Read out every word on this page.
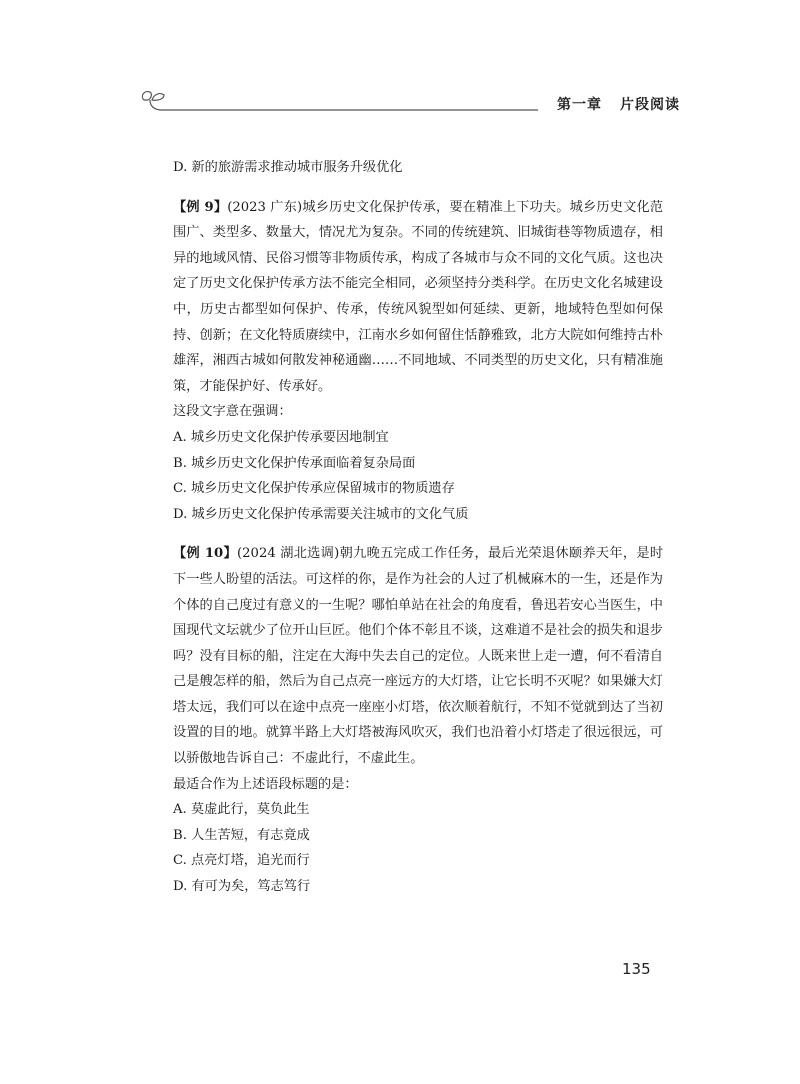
第一章 片段阅读

D. 新的旅游需求推动城市服务升级优化

【例 9】(2023 广东)城乡历史文化保护传承，要在精准上下功夫。城乡历史文化范围广、类型多、数量大，情况尤为复杂。不同的传统建筑、旧城街巷等物质遗存，相异的地域风情、民俗习惯等非物质传承，构成了各城市与众不同的文化气质。这也决定了历史文化保护传承方法不能完全相同，必须坚持分类科学。在历史文化名城建设中，历史古都型如何保护、传承，传统风貌型如何延续、更新，地域特色型如何保持、创新；在文化特质赓续中，江南水乡如何留住恬静雅致，北方大院如何维持古朴雄浑，湘西古城如何散发神秘通幽……不同地域、不同类型的历史文化，只有精准施策，才能保护好、传承好。

这段文字意在强调：

A. 城乡历史文化保护传承要因地制宜

B. 城乡历史文化保护传承面临着复杂局面

C. 城乡历史文化保护传承应保留城市的物质遗存

D. 城乡历史文化保护传承需要关注城市的文化气质

【例 10】(2024 湖北选调)朝九晚五完成工作任务，最后光荣退休颐养天年，是时下一些人盼望的活法。可这样的你，是作为社会的人过了机械麻木的一生，还是作为个体的自己度过有意义的一生呢？哪怕单站在社会的角度看，鲁迅若安心当医生，中国现代文坛就少了位开山巨匠。他们个体不彰且不谈，这难道不是社会的损失和退步吗？没有目标的船，注定在大海中失去自己的定位。人既来世上走一遭，何不看清自己是艘怎样的船，然后为自己点亮一座远方的大灯塔，让它长明不灭呢？如果嫌大灯塔太远，我们可以在途中点亮一座座小灯塔，依次顺着航行，不知不觉就到达了当初设置的目的地。就算半路上大灯塔被海风吹灭，我们也沿着小灯塔走了很远很远，可以骄傲地告诉自己：不虚此行，不虚此生。

最适合作为上述语段标题的是：

A. 莫虚此行，莫负此生

B. 人生苦短，有志竟成

C. 点亮灯塔，追光而行

D. 有可为矣，笃志笃行

135
